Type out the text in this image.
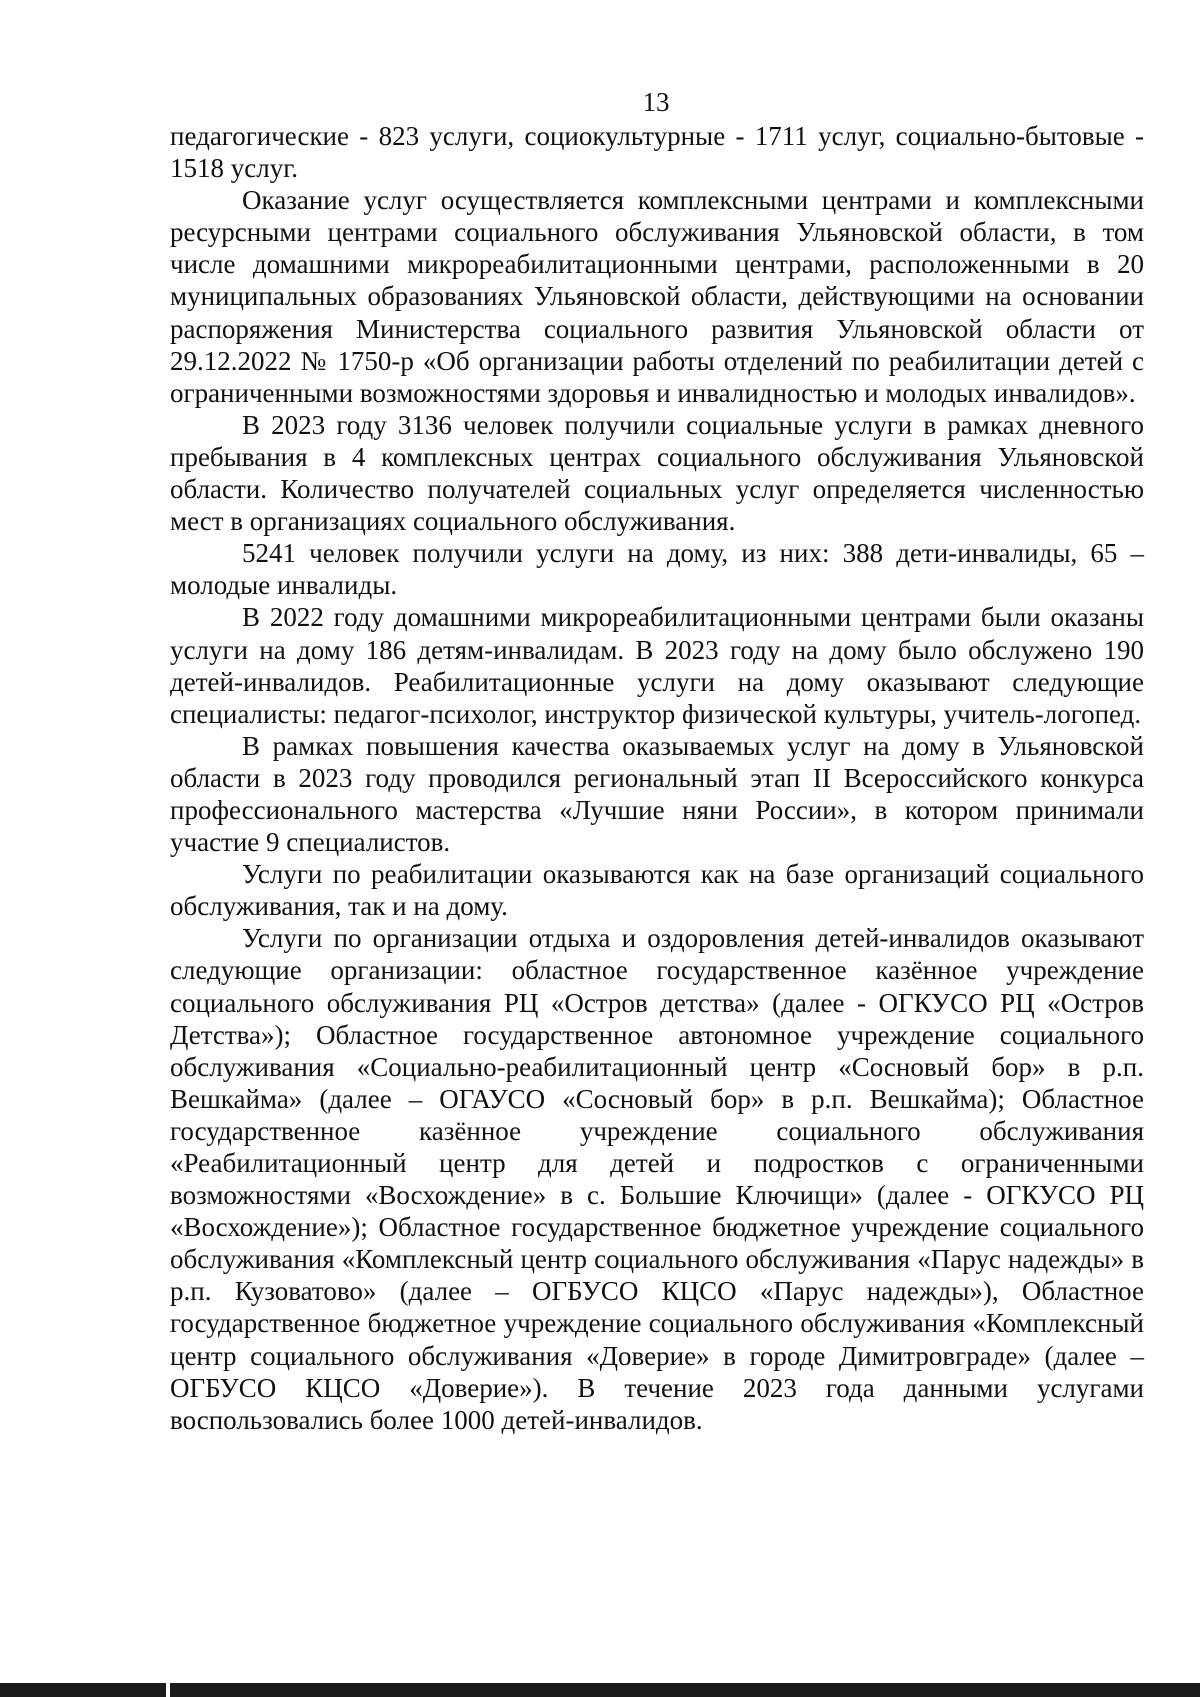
13

педагогические - 823 услуги, социокультурные - 1711 услуг, социально-бытовые - 1518 услуг.

Оказание услуг осуществляется комплексными центрами и комплексными ресурсными центрами социального обслуживания Ульяновской области, в том числе домашними микрореабилитационными центрами, расположенными в 20 муниципальных образованиях Ульяновской области, действующими на основании распоряжения Министерства социального развития Ульяновской области от 29.12.2022 № 1750-р «Об организации работы отделений по реабилитации детей с ограниченными возможностями здоровья и инвалидностью и молодых инвалидов».

В 2023 году 3136 человек получили социальные услуги в рамках дневного пребывания в 4 комплексных центрах социального обслуживания Ульяновской области. Количество получателей социальных услуг определяется численностью мест в организациях социального обслуживания.

5241 человек получили услуги на дому, из них: 388 дети-инвалиды, 65 – молодые инвалиды.

В 2022 году домашними микрореабилитационными центрами были оказаны услуги на дому 186 детям-инвалидам. В 2023 году на дому было обслужено 190 детей-инвалидов. Реабилитационные услуги на дому оказывают следующие специалисты: педагог-психолог, инструктор физической культуры, учитель-логопед.

В рамках повышения качества оказываемых услуг на дому в Ульяновской области в 2023 году проводился региональный этап II Всероссийского конкурса профессионального мастерства «Лучшие няни России», в котором принимали участие 9 специалистов.

Услуги по реабилитации оказываются как на базе организаций социального обслуживания, так и на дому.

Услуги по организации отдыха и оздоровления детей-инвалидов оказывают следующие организации: областное государственное казённое учреждение социального обслуживания РЦ «Остров детства» (далее - ОГКУСО РЦ «Остров Детства»); Областное государственное автономное учреждение социального обслуживания «Социально-реабилитационный центр «Сосновый бор» в р.п. Вешкайма» (далее – ОГАУСО «Сосновый бор» в р.п. Вешкайма); Областное государственное казённое учреждение социального обслуживания «Реабилитационный центр для детей и подростков с ограниченными возможностями «Восхождение» в с. Большие Ключищи» (далее - ОГКУСО РЦ «Восхождение»); Областное государственное бюджетное учреждение социального обслуживания «Комплексный центр социального обслуживания «Парус надежды» в р.п. Кузоватово» (далее – ОГБУСО КЦСО «Парус надежды»), Областное государственное бюджетное учреждение социального обслуживания «Комплексный центр социального обслуживания «Доверие» в городе Димитровграде» (далее – ОГБУСО КЦСО «Доверие»). В течение 2023 года данными услугами воспользовались более 1000 детей-инвалидов.
